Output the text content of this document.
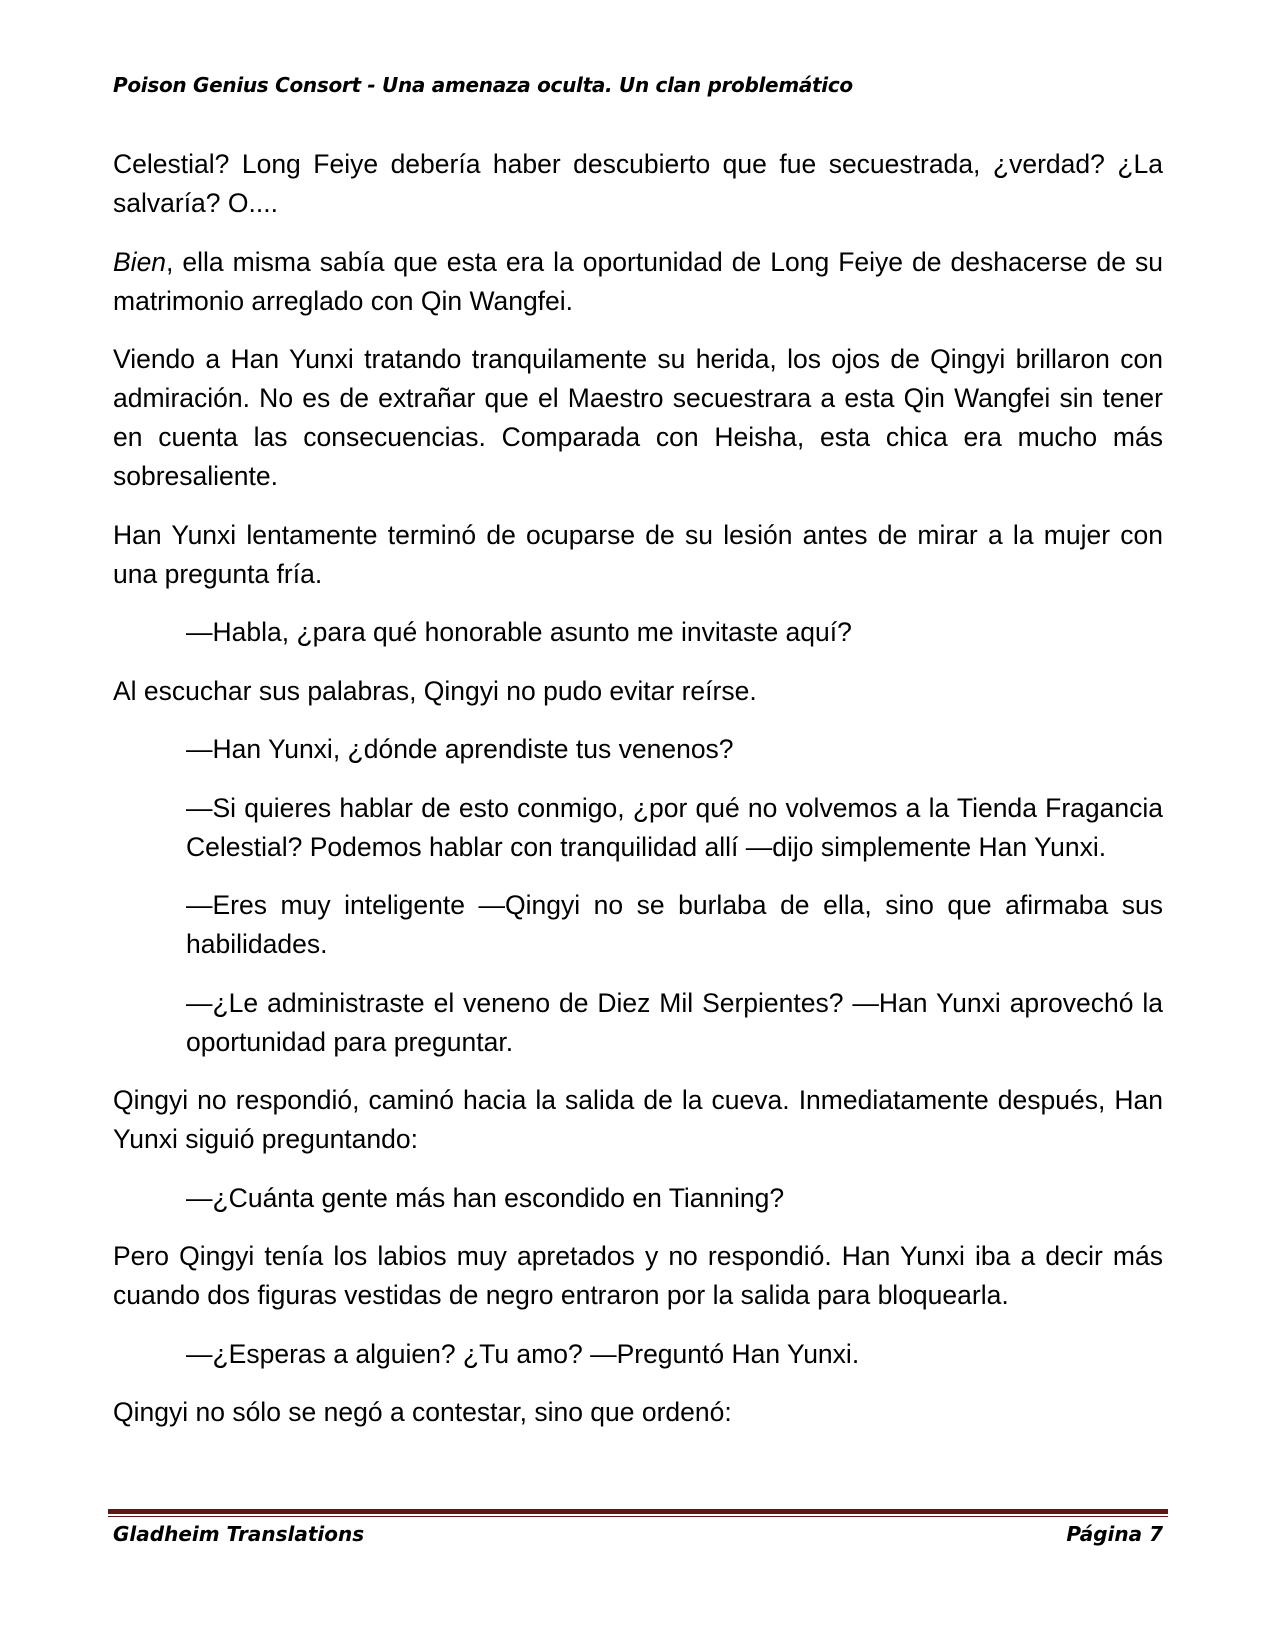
Poison Genius Consort - Una amenaza oculta. Un clan problemático

Celestial? Long Feiye debería haber descubierto que fue secuestrada, ¿verdad? ¿La salvaría? O....

Bien, ella misma sabía que esta era la oportunidad de Long Feiye de deshacerse de su matrimonio arreglado con Qin Wangfei.

Viendo a Han Yunxi tratando tranquilamente su herida, los ojos de Qingyi brillaron con admiración. No es de extrañar que el Maestro secuestrara a esta Qin Wangfei sin tener en cuenta las consecuencias. Comparada con Heisha, esta chica era mucho más sobresaliente.

Han Yunxi lentamente terminó de ocuparse de su lesión antes de mirar a la mujer con una pregunta fría.

—Habla, ¿para qué honorable asunto me invitaste aquí?

Al escuchar sus palabras, Qingyi no pudo evitar reírse.

—Han Yunxi, ¿dónde aprendiste tus venenos?

—Si quieres hablar de esto conmigo, ¿por qué no volvemos a la Tienda Fragancia Celestial? Podemos hablar con tranquilidad allí —dijo simplemente Han Yunxi.

—Eres muy inteligente —Qingyi no se burlaba de ella, sino que afirmaba sus habilidades.

—¿Le administraste el veneno de Diez Mil Serpientes? —Han Yunxi aprovechó la oportunidad para preguntar.

Qingyi no respondió, caminó hacia la salida de la cueva. Inmediatamente después, Han Yunxi siguió preguntando:

—¿Cuánta gente más han escondido en Tianning?

Pero Qingyi tenía los labios muy apretados y no respondió. Han Yunxi iba a decir más cuando dos figuras vestidas de negro entraron por la salida para bloquearla.

—¿Esperas a alguien? ¿Tu amo? —Preguntó Han Yunxi.

Qingyi no sólo se negó a contestar, sino que ordenó:

Gladheim Translations	Página 7
